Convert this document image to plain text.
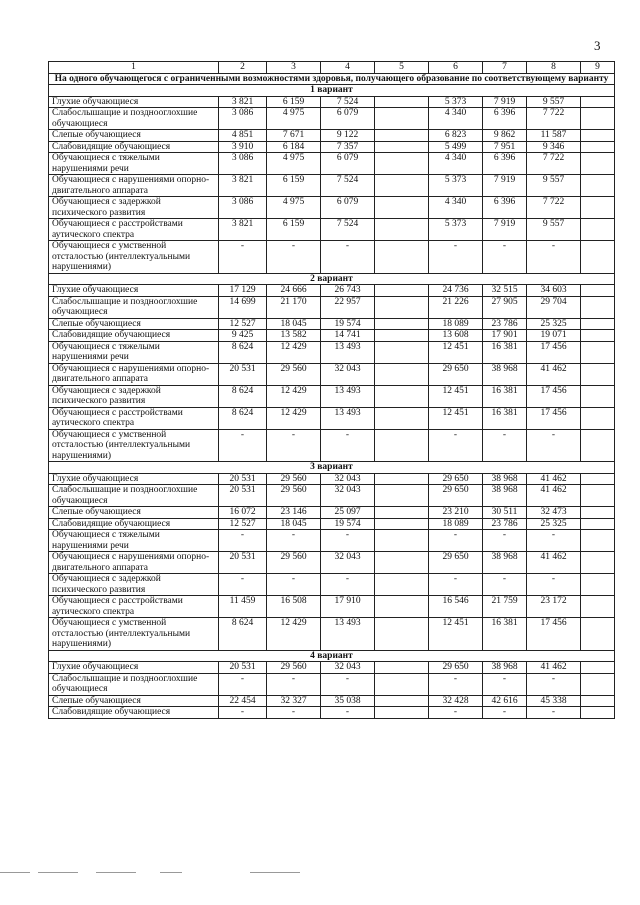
3
1	2	3	4	5	6	7	8	9
На одного обучающегося с ограниченными возможностями здоровья, получающего образование по соответствующему варианту								
1 вариант								
Глухие обучающиеся	3 821	6 159	7 524		5 373	7 919	9 557	
Слабослышащие и позднооглохшие обучающиеся	3 086	4 975	6 079		4 340	6 396	7 722	
Слепые обучающиеся	4 851	7 671	9 122		6 823	9 862	11 587	
Слабовидящие обучающиеся	3 910	6 184	7 357		5 499	7 951	9 346	
Обучающиеся с тяжелыми нарушениями речи	3 086	4 975	6 079		4 340	6 396	7 722	
Обучающиеся с нарушениями опорно-двигательного аппарата	3 821	6 159	7 524		5 373	7 919	9 557	
Обучающиеся с задержкой психического развития	3 086	4 975	6 079		4 340	6 396	7 722	
Обучающиеся с расстройствами аутического спектра	3 821	6 159	7 524		5 373	7 919	9 557	
Обучающиеся с умственной отсталостью (интеллектуальными нарушениями)	-	-	-		-	-	-	
2 вариант								
Глухие обучающиеся	17 129	24 666	26 743		24 736	32 515	34 603	
Слабослышащие и позднооглохшие обучающиеся	14 699	21 170	22 957		21 226	27 905	29 704	
Слепые обучающиеся	12 527	18 045	19 574		18 089	23 786	25 325	
Слабовидящие обучающиеся	9 425	13 582	14 741		13 608	17 901	19 071	
Обучающиеся с тяжелыми нарушениями речи	8 624	12 429	13 493		12 451	16 381	17 456	
Обучающиеся с нарушениями опорно-двигательного аппарата	20 531	29 560	32 043		29 650	38 968	41 462	
Обучающиеся с задержкой психического развития	8 624	12 429	13 493		12 451	16 381	17 456	
Обучающиеся с расстройствами аутического спектра	8 624	12 429	13 493		12 451	16 381	17 456	
Обучающиеся с умственной отсталостью (интеллектуальными нарушениями)	-	-	-		-	-	-	
3 вариант								
Глухие обучающиеся	20 531	29 560	32 043		29 650	38 968	41 462	
Слабослышащие и позднооглохшие обучающиеся	20 531	29 560	32 043		29 650	38 968	41 462	
Слепые обучающиеся	16 072	23 146	25 097		23 210	30 511	32 473	
Слабовидящие обучающиеся	12 527	18 045	19 574		18 089	23 786	25 325	
Обучающиеся с тяжелыми нарушениями речи	-	-	-		-	-	-	
Обучающиеся с нарушениями опорно-двигательного аппарата	20 531	29 560	32 043		29 650	38 968	41 462	
Обучающиеся с задержкой психического развития	-	-	-		-	-	-	
Обучающиеся с расстройствами аутического спектра	11 459	16 508	17 910		16 546	21 759	23 172	
Обучающиеся с умственной отсталостью (интеллектуальными нарушениями)	8 624	12 429	13 493		12 451	16 381	17 456	
4 вариант								
Глухие обучающиеся	20 531	29 560	32 043		29 650	38 968	41 462	
Слабослышащие и позднооглохшие обучающиеся	-	-	-		-	-	-	
Слепые обучающиеся	22 454	32 327	35 038		32 428	42 616	45 338	
Слабовидящие обучающиеся	-	-	-		-	-	-	
